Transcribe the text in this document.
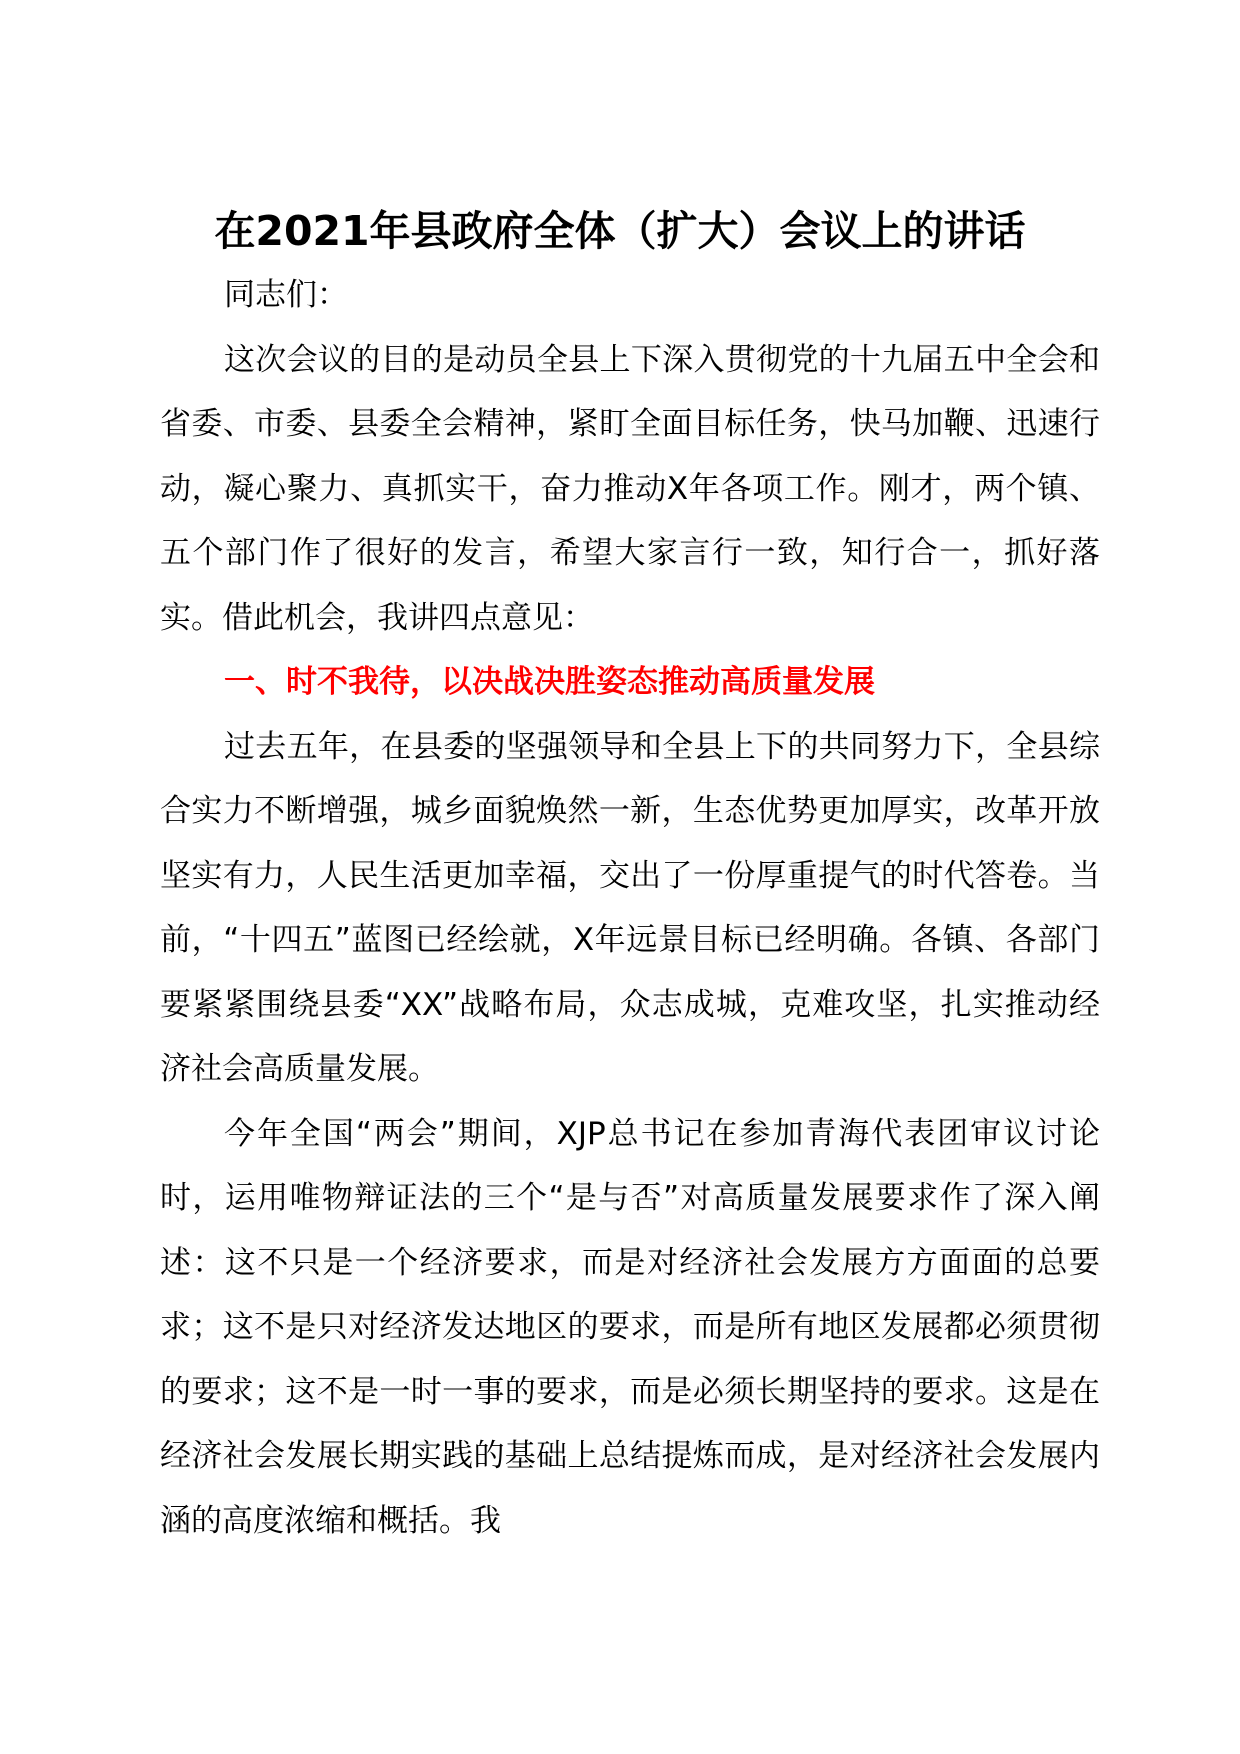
在2021年县政府全体（扩大）会议上的讲话

同志们：

这次会议的目的是动员全县上下深入贯彻党的十九届五中全会和省委、市委、县委全会精神，紧盯全面目标任务，快马加鞭、迅速行动，凝心聚力、真抓实干，奋力推动X年各项工作。刚才，两个镇、五个部门作了很好的发言，希望大家言行一致，知行合一，抓好落实。借此机会，我讲四点意见：

一、时不我待，以决战决胜姿态推动高质量发展

过去五年，在县委的坚强领导和全县上下的共同努力下，全县综合实力不断增强，城乡面貌焕然一新，生态优势更加厚实，改革开放坚实有力，人民生活更加幸福，交出了一份厚重提气的时代答卷。当前，“十四五”蓝图已经绘就，X年远景目标已经明确。各镇、各部门要紧紧围绕县委“XX”战略布局，众志成城，克难攻坚，扎实推动经济社会高质量发展。

今年全国“两会”期间，XJP总书记在参加青海代表团审议讨论时，运用唯物辩证法的三个“是与否”对高质量发展要求作了深入阐述：这不只是一个经济要求，而是对经济社会发展方方面面的总要求；这不是只对经济发达地区的要求，而是所有地区发展都必须贯彻的要求；这不是一时一事的要求，而是必须长期坚持的要求。这是在经济社会发展长期实践的基础上总结提炼而成，是对经济社会发展内涵的高度浓缩和概括。我
